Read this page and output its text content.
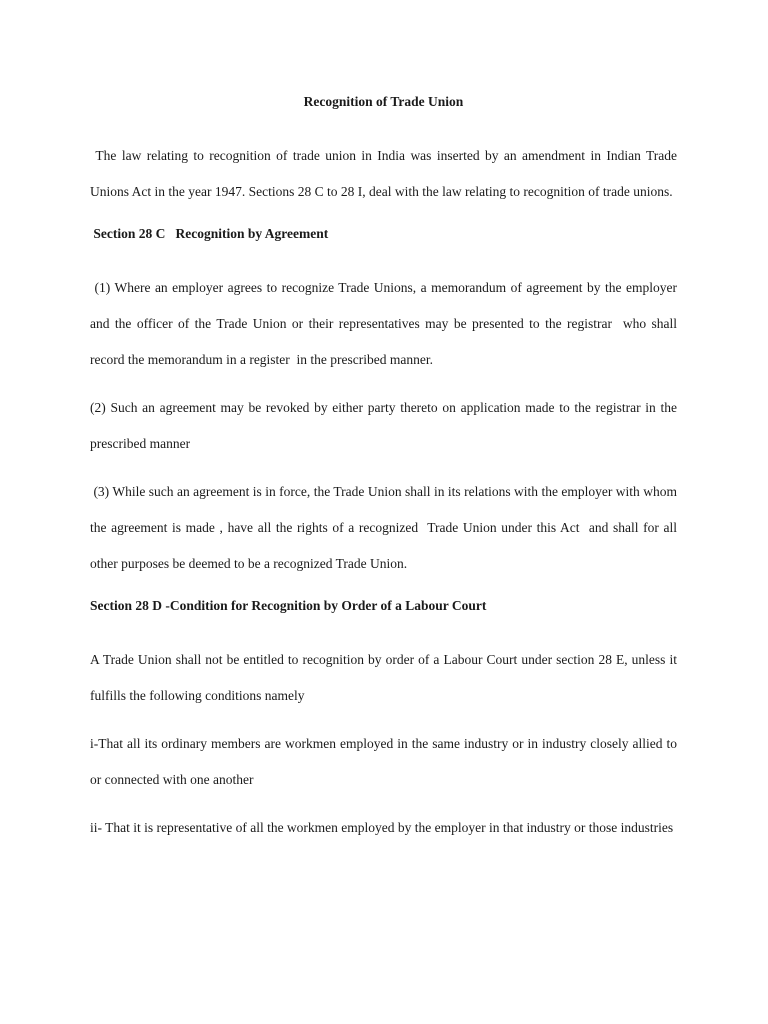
Recognition of Trade Union

The law relating to recognition of trade union in India was inserted by an amendment in Indian Trade Unions Act in the year 1947. Sections 28 C to 28 I, deal with the law relating to recognition of trade unions.

Section 28 C   Recognition by Agreement

(1) Where an employer agrees to recognize Trade Unions, a memorandum of agreement by the employer and the officer of the Trade Union or their representatives may be presented to the registrar  who shall record the memorandum in a register  in the prescribed manner.

(2) Such an agreement may be revoked by either party thereto on application made to the registrar in the prescribed manner

(3) While such an agreement is in force, the Trade Union shall in its relations with the employer with whom the agreement is made , have all the rights of a recognized  Trade Union under this Act  and shall for all other purposes be deemed to be a recognized Trade Union.

Section 28 D -Condition for Recognition by Order of a Labour Court

A Trade Union shall not be entitled to recognition by order of a Labour Court under section 28 E, unless it fulfills the following conditions namely

i-That all its ordinary members are workmen employed in the same industry or in industry closely allied to or connected with one another

ii- That it is representative of all the workmen employed by the employer in that industry or those industries
